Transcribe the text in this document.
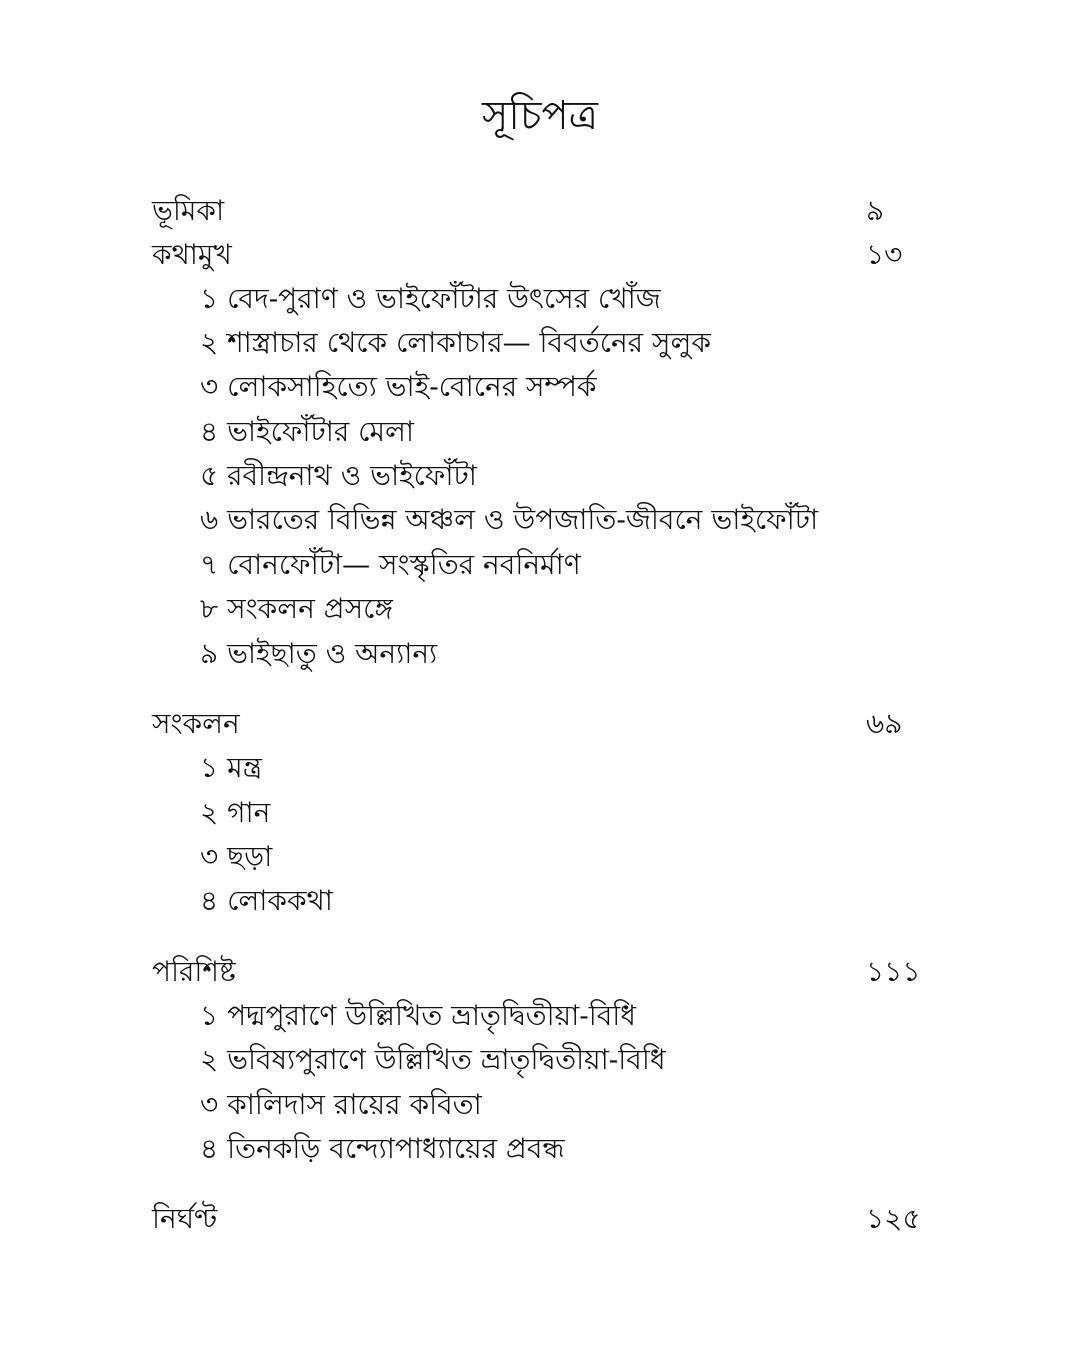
সূচিপত্র
ভূমিকা	৯
কথামুখ	১৩
১ বেদ-পুরাণ ও ভাইফোঁটার উৎসের খোঁজ
২ শাস্ত্রাচার থেকে লোকাচার— বিবর্তনের সুলুক
৩ লোকসাহিত্যে ভাই-বোনের সম্পর্ক
৪ ভাইফোঁটার মেলা
৫ রবীন্দ্রনাথ ও ভাইফোঁটা
৬ ভারতের বিভিন্ন অঞ্চল ও উপজাতি-জীবনে ভাইফোঁটা
৭ বোনফোঁটা— সংস্কৃতির নবনির্মাণ
৮ সংকলন প্রসঙ্গে
৯ ভাইছাতু ও অন্যান্য
সংকলন	৬৯
১ মন্ত্র
২ গান
৩ ছড়া
৪ লোককথা
পরিশিষ্ট	১১১
১ পদ্মপুরাণে উল্লিখিত ভ্রাতৃদ্বিতীয়া-বিধি
২ ভবিষ্যপুরাণে উল্লিখিত ভ্রাতৃদ্বিতীয়া-বিধি
৩ কালিদাস রায়ের কবিতা
৪ তিনকড়ি বন্দ্যোপাধ্যায়ের প্রবন্ধ
নির্ঘণ্ট	১২৫
